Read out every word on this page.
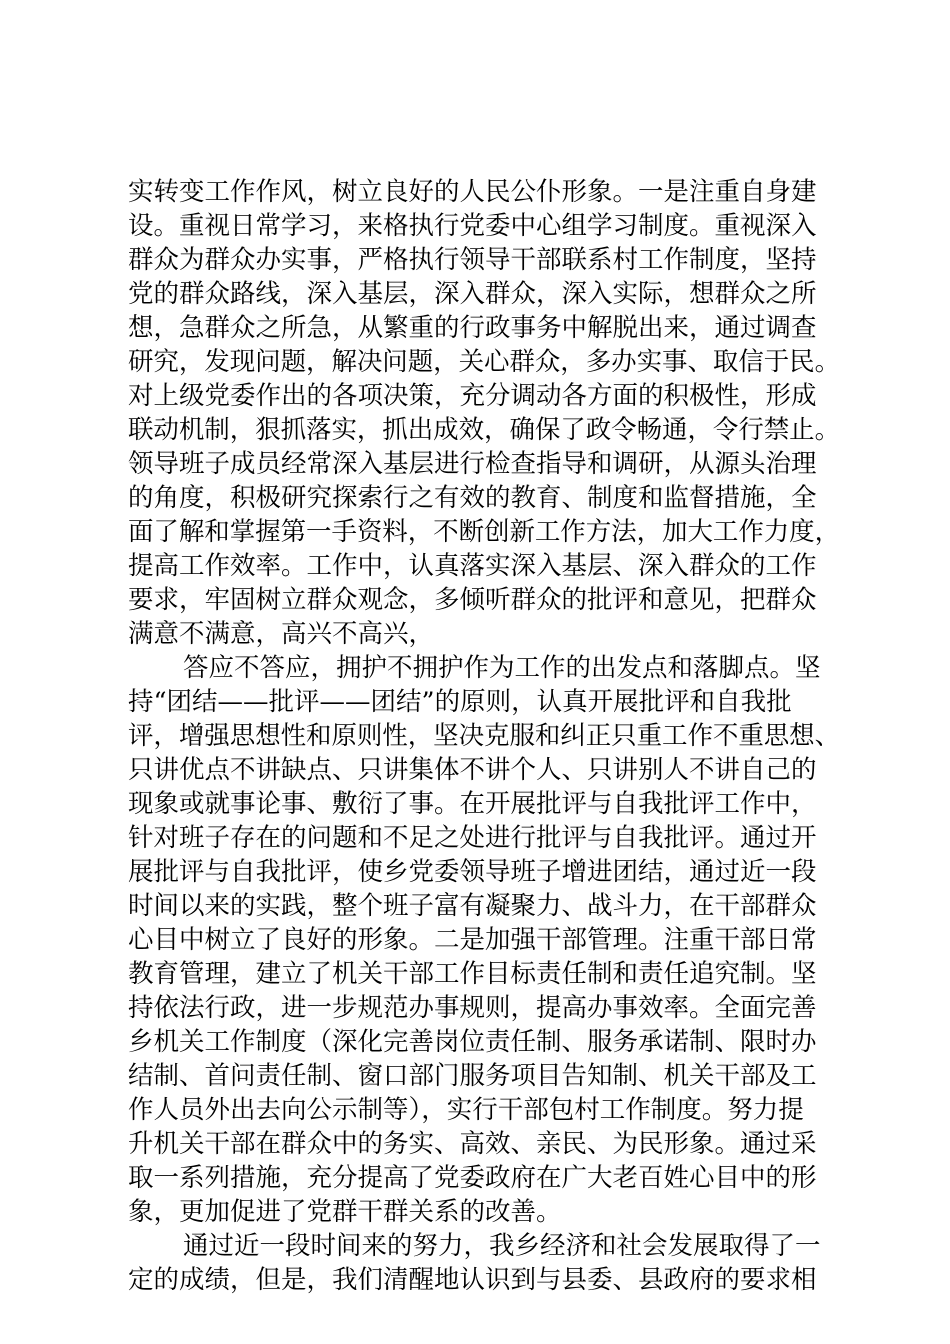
实转变工作作风，树立良好的人民公仆形象。一是注重自身建
设。重视日常学习，来格执行党委中心组学习制度。重视深入
群众为群众办实事，严格执行领导干部联系村工作制度，坚持
党的群众路线，深入基层，深入群众，深入实际，想群众之所
想，急群众之所急，从繁重的行政事务中解脱出来，通过调查
研究，发现问题，解决问题，关心群众，多办实事、取信于民。
对上级党委作出的各项决策，充分调动各方面的积极性，形成
联动机制，狠抓落实，抓出成效，确保了政令畅通，令行禁止。
领导班子成员经常深入基层进行检查指导和调研，从源头治理
的角度，积极研究探索行之有效的教育、制度和监督措施，全
面了解和掌握第一手资料，不断创新工作方法，加大工作力度，
提高工作效率。工作中，认真落实深入基层、深入群众的工作
要求，牢固树立群众观念，多倾听群众的批评和意见，把群众
满意不满意，高兴不高兴，
答应不答应，拥护不拥护作为工作的出发点和落脚点。坚
持“团结——批评——团结”的原则，认真开展批评和自我批
评，增强思想性和原则性，坚决克服和纠正只重工作不重思想、
只讲优点不讲缺点、只讲集体不讲个人、只讲别人不讲自己的
现象或就事论事、敷衍了事。在开展批评与自我批评工作中，
针对班子存在的问题和不足之处进行批评与自我批评。通过开
展批评与自我批评，使乡党委领导班子增进团结，通过近一段
时间以来的实践，整个班子富有凝聚力、战斗力，在干部群众
心目中树立了良好的形象。二是加强干部管理。注重干部日常
教育管理，建立了机关干部工作目标责任制和责任追究制。坚
持依法行政，进一步规范办事规则，提高办事效率。全面完善
乡机关工作制度（深化完善岗位责任制、服务承诺制、限时办
结制、首问责任制、窗口部门服务项目告知制、机关干部及工
作人员外出去向公示制等），实行干部包村工作制度。努力提
升机关干部在群众中的务实、高效、亲民、为民形象。通过采
取一系列措施，充分提高了党委政府在广大老百姓心目中的形
象，更加促进了党群干群关系的改善。
通过近一段时间来的努力，我乡经济和社会发展取得了一
定的成绩，但是，我们清醒地认识到与县委、县政府的要求相
